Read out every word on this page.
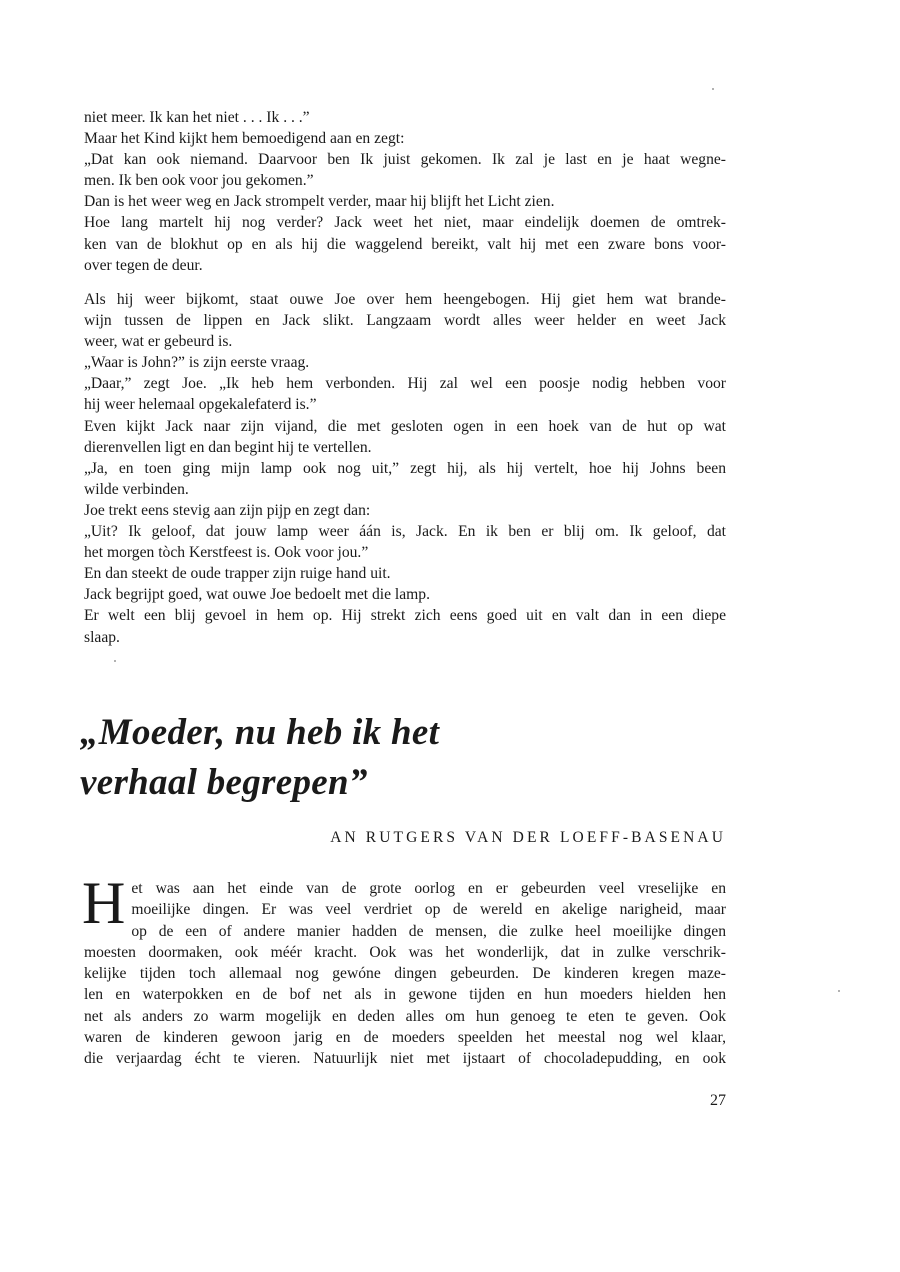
niet meer. Ik kan het niet . . . Ik . . .”
Maar het Kind kijkt hem bemoedigend aan en zegt:
„Dat kan ook niemand. Daarvoor ben Ik juist gekomen. Ik zal je last en je haat wegne-
men. Ik ben ook voor jou gekomen.”
Dan is het weer weg en Jack strompelt verder, maar hij blijft het Licht zien.
Hoe lang martelt hij nog verder? Jack weet het niet, maar eindelijk doemen de omtrek-
ken van de blokhut op en als hij die waggelend bereikt, valt hij met een zware bons voor-
over tegen de deur.
Als hij weer bijkomt, staat ouwe Joe over hem heengebogen. Hij giet hem wat brande-
wijn tussen de lippen en Jack slikt. Langzaam wordt alles weer helder en weet Jack
weer, wat er gebeurd is.
„Waar is John?” is zijn eerste vraag.
„Daar,” zegt Joe. „Ik heb hem verbonden. Hij zal wel een poosje nodig hebben voor
hij weer helemaal opgekalefaterd is.”
Even kijkt Jack naar zijn vijand, die met gesloten ogen in een hoek van de hut op wat
dierenvellen ligt en dan begint hij te vertellen.
„Ja, en toen ging mijn lamp ook nog uit,” zegt hij, als hij vertelt, hoe hij Johns been
wilde verbinden.
Joe trekt eens stevig aan zijn pijp en zegt dan:
„Uit? Ik geloof, dat jouw lamp weer áán is, Jack. En ik ben er blij om. Ik geloof, dat
het morgen tòch Kerstfeest is. Ook voor jou.”
En dan steekt de oude trapper zijn ruige hand uit.
Jack begrijpt goed, wat ouwe Joe bedoelt met die lamp.
Er welt een blij gevoel in hem op. Hij strekt zich eens goed uit en valt dan in een diepe
slaap.
„Moeder, nu heb ik het
verhaal begrepen”
AN RUTGERS VAN DER LOEFF-BASENAU
H et was aan het einde van de grote oorlog en er gebeurden veel vreselijke en
moeilijke dingen. Er was veel verdriet op de wereld en akelige narigheid, maar
op de een of andere manier hadden de mensen, die zulke heel moeilijke dingen
moesten doormaken, ook méér kracht. Ook was het wonderlijk, dat in zulke verschrik-
kelijke tijden toch allemaal nog gewóne dingen gebeurden. De kinderen kregen maze-
len en waterpokken en de bof net als in gewone tijden en hun moeders hielden hen
net als anders zo warm mogelijk en deden alles om hun genoeg te eten te geven. Ook
waren de kinderen gewoon jarig en de moeders speelden het meestal nog wel klaar,
die verjaardag écht te vieren. Natuurlijk niet met ijstaart of chocoladepudding, en ook
27
